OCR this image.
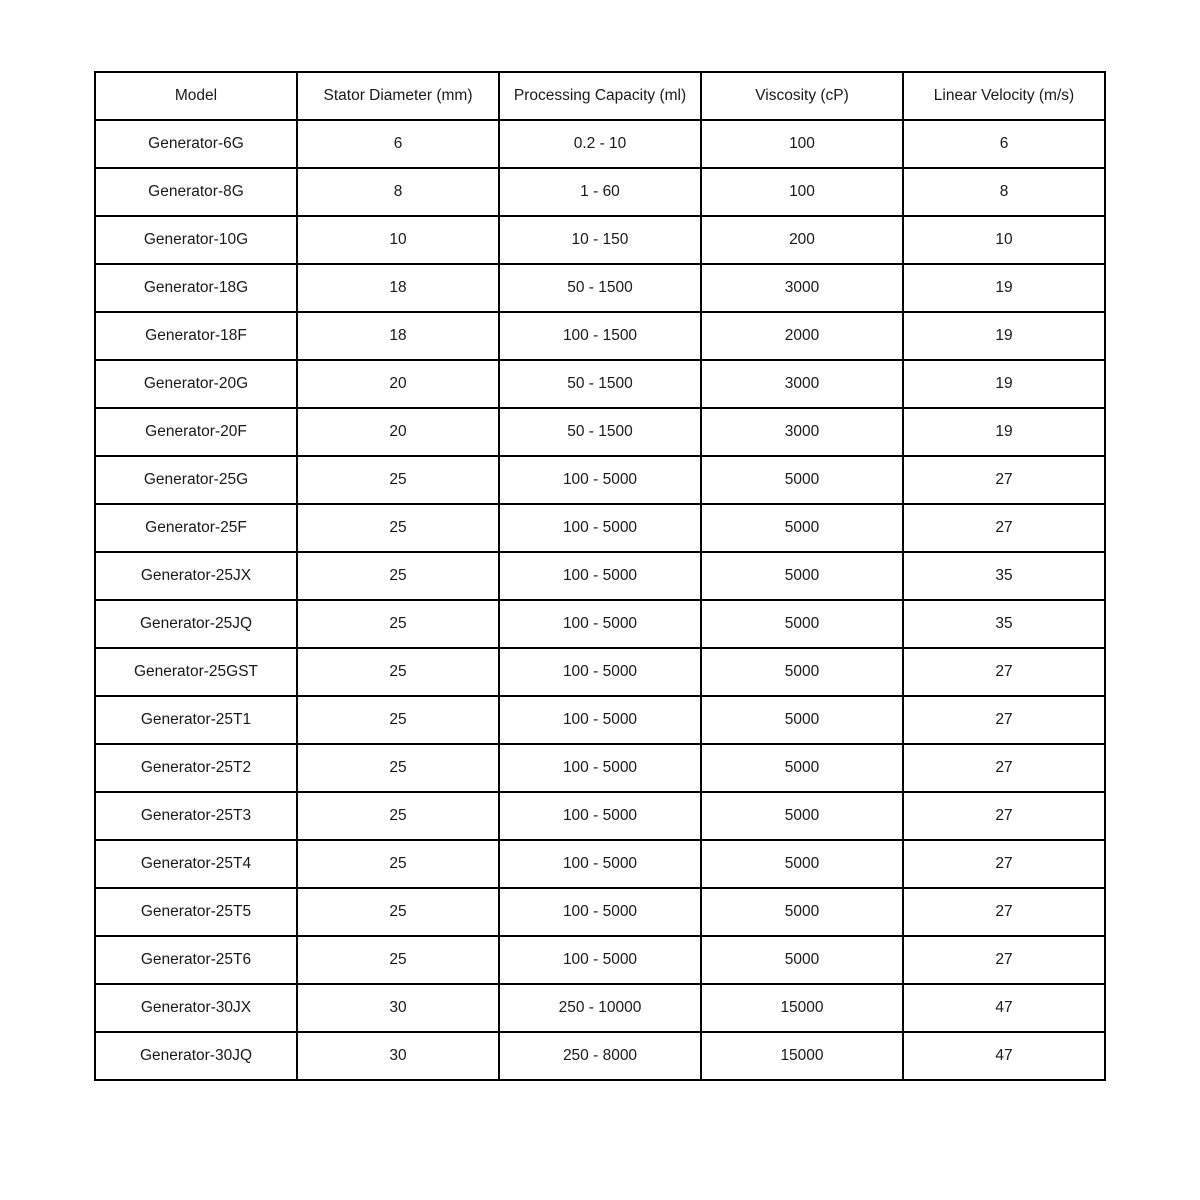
Model	Stator Diameter (mm)	Processing Capacity (ml)	Viscosity (cP)	Linear Velocity (m/s)
Generator-6G	6	0.2 - 10	100	6
Generator-8G	8	1 - 60	100	8
Generator-10G	10	10 - 150	200	10
Generator-18G	18	50 - 1500	3000	19
Generator-18F	18	100 - 1500	2000	19
Generator-20G	20	50 - 1500	3000	19
Generator-20F	20	50 - 1500	3000	19
Generator-25G	25	100 - 5000	5000	27
Generator-25F	25	100 - 5000	5000	27
Generator-25JX	25	100 - 5000	5000	35
Generator-25JQ	25	100 - 5000	5000	35
Generator-25GST	25	100 - 5000	5000	27
Generator-25T1	25	100 - 5000	5000	27
Generator-25T2	25	100 - 5000	5000	27
Generator-25T3	25	100 - 5000	5000	27
Generator-25T4	25	100 - 5000	5000	27
Generator-25T5	25	100 - 5000	5000	27
Generator-25T6	25	100 - 5000	5000	27
Generator-30JX	30	250 - 10000	15000	47
Generator-30JQ	30	250 - 8000	15000	47
